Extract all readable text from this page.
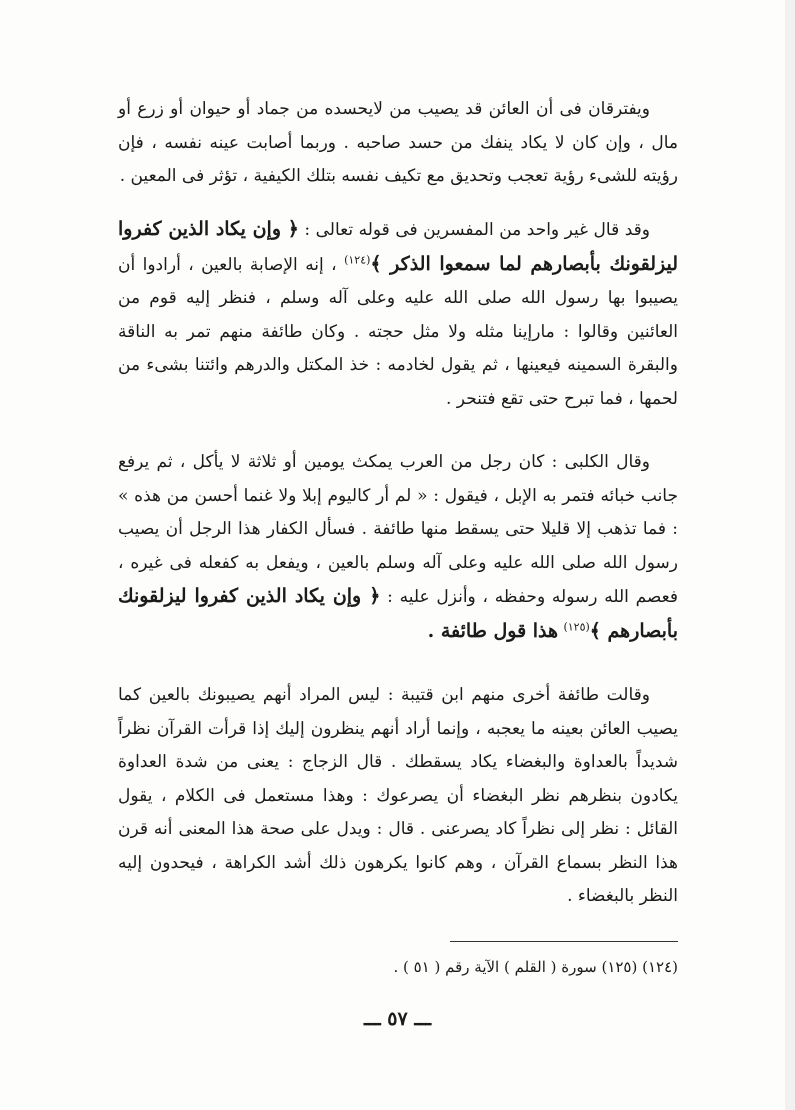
ويفترقان فى أن العائن قد يصيب من لايحسده من جماد أو حيوان أو زرع أو مال ، وإن كان لا يكاد ينفك من حسد صاحبه . وربما أصابت عينه نفسه ، فإن رؤيته للشىء رؤية تعجب وتحديق مع تكيف نفسه بتلك الكيفية ، تؤثر فى المعين .

وقد قال غير واحد من المفسرين فى قوله تعالى : ﴿ وإن يكاد الذين كفروا ليزلقونك بأبصارهم لما سمعوا الذكر ﴾$^{(١٢٤)}$ ، إنه الإصابة بالعين ، أرادوا أن يصيبوا بها رسول الله صلى الله عليه وعلى آله وسلم ، فنظر إليه قوم من العائنين وقالوا : مارإينا مثله ولا مثل حجته . وكان طائفة منهم تمر به الناقة والبقرة السمينه فيعينها ، ثم يقول لخادمه : خذ المكتل والدرهم وائتنا بشىء من لحمها ، فما تبرح حتى تقع فتنحر .

وقال الكلبى : كان رجل من العرب يمكث يومين أو ثلاثة لا يأكل ، ثم يرفع جانب خبائه فتمر به الإبل ، فيقول : « لم أر كاليوم إبلا ولا غنما أحسن من هذه » : فما تذهب إلا قليلا حتى يسقط منها طائفة . فسأل الكفار هذا الرجل أن يصيب رسول الله صلى الله عليه وعلى آله وسلم بالعين ، ويفعل به كفعله فى غيره ، فعصم الله رسوله وحفظه ، وأنزل عليه : ﴿ وإن يكاد الذين كفروا ليزلقونك بأبصارهم ﴾$^{(١٢٥)}$ هذا قول طائفة .

وقالت طائفة أخرى منهم ابن قتيبة : ليس المراد أنهم يصيبونك بالعين كما يصيب العائن بعينه ما يعجبه ، وإنما أراد أنهم ينظرون إليك إذا قرأت القرآن نظراً شديداً بالعداوة والبغضاء يكاد يسقطك . قال الزجاج : يعنى من شدة العداوة يكادون بنظرهم نظر البغضاء أن يصرعوك : وهذا مستعمل فى الكلام ، يقول القائل : نظر إلى نظراً كاد يصرعنى . قال : ويدل على صحة هذا المعنى أنه قرن هذا النظر بسماع القرآن ، وهم كانوا يكرهون ذلك أشد الكراهة ، فيحدون إليه النظر بالبغضاء .

(١٢٤) (١٢٥) سورة ( القلم ) الآية رقم ( ٥١ ) .
ـــ ٥٧ ـــ
